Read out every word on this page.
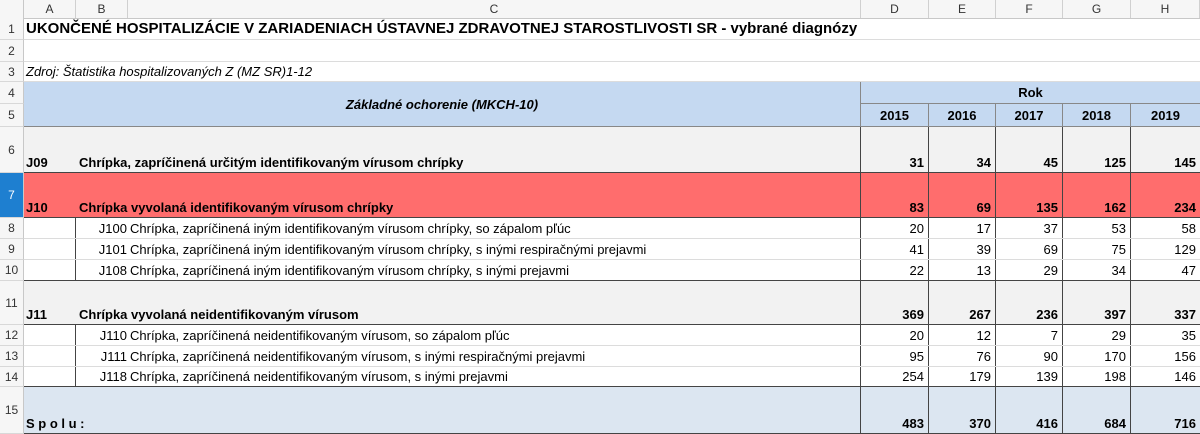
A	B	C	D	E	F	G	H
1
2
3
4
5
6
7
8
9
10
11
12
13
14
15
UKONČENÉ HOSPITALIZÁCIE V ZARIADENIACH ÚSTAVNEJ ZDRAVOTNEJ STAROSTLIVOSTI SR - vybrané diagnózy
Zdroj: Štatistika hospitalizovaných Z (MZ SR)1-12
Základné ochorenie (MKCH-10)
Rok
2015	2016	2017	2018	2019
J09	Chrípka, zapríčinená určitým identifikovaným vírusom chrípky	31	34	45	125	145
J10	Chrípka vyvolaná identifikovaným vírusom chrípky	83	69	135	162	234
J100 Chrípka, zapríčinená iným identifikovaným vírusom chrípky, so zápalom pľúc	20	17	37	53	58
J101 Chrípka, zapríčinená iným identifikovaným vírusom chrípky, s inými respiračnými prejavmi	41	39	69	75	129
J108 Chrípka, zapríčinená iným identifikovaným vírusom chrípky, s inými prejavmi	22	13	29	34	47
J11	Chrípka vyvolaná neidentifikovaným vírusom	369	267	236	397	337
J110 Chrípka, zapríčinená neidentifikovaným vírusom, so zápalom pľúc	20	12	7	29	35
J111 Chrípka, zapríčinená neidentifikovaným vírusom, s inými respiračnými prejavmi	95	76	90	170	156
J118 Chrípka, zapríčinená neidentifikovaným vírusom, s inými prejavmi	254	179	139	198	146
S p o l u :	483	370	416	684	716
